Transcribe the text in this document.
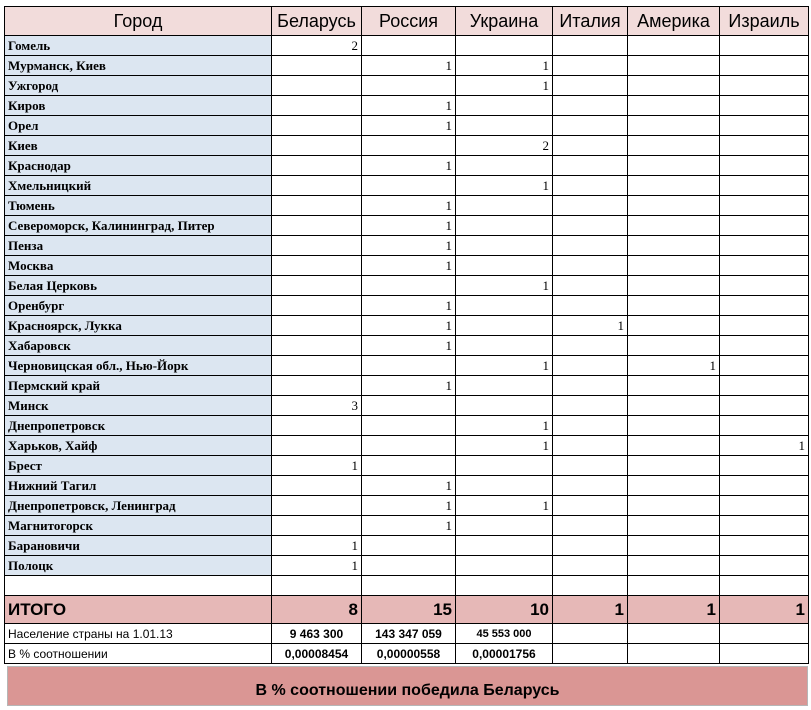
Город	Беларусь	Россия	Украина	Италия	Америка	Израиль
Гомель	2					
Мурманск, Киев		1	1			
Ужгород			1			
Киров		1				
Орел		1				
Киев			2			
Краснодар		1				
Хмельницкий			1			
Тюмень		1				
Североморск, Калининград, Питер		1				
Пенза		1				
Москва		1				
Белая Церковь			1			
Оренбург		1				
Красноярск, Лукка		1		1		
Хабаровск		1				
Черновицская обл., Нью-Йорк			1		1	
Пермский край		1				
Минск	3					
Днепропетровск			1			
Харьков, Хайф			1			1
Брест	1					
Нижний Тагил		1				
Днепропетровск, Ленинград		1	1			
Магнитогорск		1				
Барановичи	1					
Полоцк	1					

ИТОГО	8	15	10	1	1	1
Население страны на 1.01.13	9 463 300	143 347 059	45 553 000			
В % соотношении	0,00008454	0,00000558	0,00001756			
В % соотношении победила Беларусь
